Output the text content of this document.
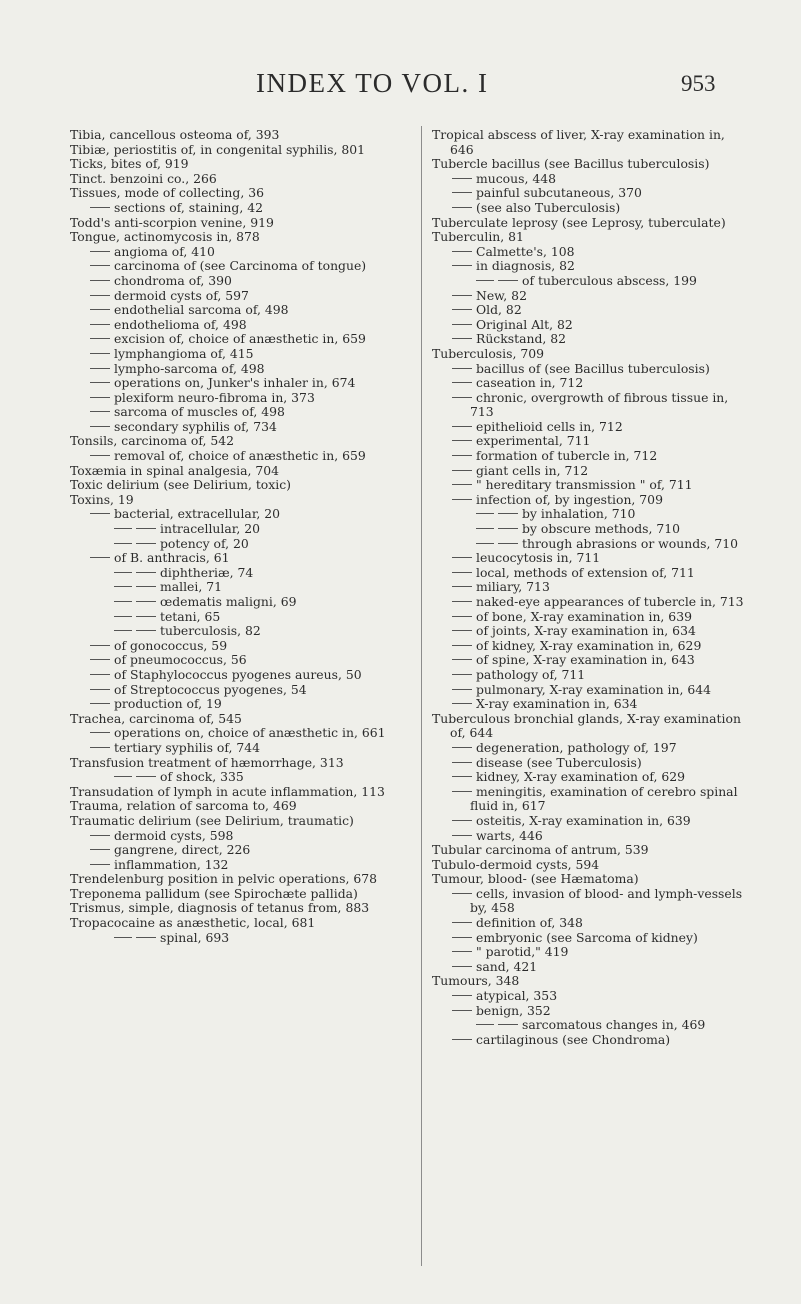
INDEX TO VOL. I	953
Tibia, cancellous osteoma of, 393
Tibiæ, periostitis of, in congenital syphilis, 801
Ticks, bites of, 919
Tinct. benzoini co., 266
Tissues, mode of collecting, 36
sections of, staining, 42
Todd's anti-scorpion venine, 919
Tongue, actinomycosis in, 878
angioma of, 410
carcinoma of (see Carcinoma of tongue)
chondroma of, 390
dermoid cysts of, 597
endothelial sarcoma of, 498
endothelioma of, 498
excision of, choice of anæsthetic in, 659
lymphangioma of, 415
lympho-sarcoma of, 498
operations on, Junker's inhaler in, 674
plexiform neuro-fibroma in, 373
sarcoma of muscles of, 498
secondary syphilis of, 734
Tonsils, carcinoma of, 542
removal of, choice of anæsthetic in, 659
Toxæmia in spinal analgesia, 704
Toxic delirium (see Delirium, toxic)
Toxins, 19
bacterial, extracellular, 20
intracellular, 20
potency of, 20
of B. anthracis, 61
diphtheriæ, 74
mallei, 71
œdematis maligni, 69
tetani, 65
tuberculosis, 82
of gonococcus, 59
of pneumococcus, 56
of Staphylococcus pyogenes aureus, 50
of Streptococcus pyogenes, 54
production of, 19
Trachea, carcinoma of, 545
operations on, choice of anæsthetic in, 661
tertiary syphilis of, 744
Transfusion treatment of hæmorrhage, 313
of shock, 335
Transudation of lymph in acute inflammation, 113
Trauma, relation of sarcoma to, 469
Traumatic delirium (see Delirium, traumatic)
dermoid cysts, 598
gangrene, direct, 226
inflammation, 132
Trendelenburg position in pelvic operations, 678
Treponema pallidum (see Spirochæte pallida)
Trismus, simple, diagnosis of tetanus from, 883
Tropacocaine as anæsthetic, local, 681
spinal, 693
Tropical abscess of liver, X-ray examination in, 646
Tubercle bacillus (see Bacillus tuberculosis)
mucous, 448
painful subcutaneous, 370
(see also Tuberculosis)
Tuberculate leprosy (see Leprosy, tuberculate)
Tuberculin, 81
Calmette's, 108
in diagnosis, 82
of tuberculous abscess, 199
New, 82
Old, 82
Original Alt, 82
Rückstand, 82
Tuberculosis, 709
bacillus of (see Bacillus tuberculosis)
caseation in, 712
chronic, overgrowth of fibrous tissue in, 713
epithelioid cells in, 712
experimental, 711
formation of tubercle in, 712
giant cells in, 712
" hereditary transmission " of, 711
infection of, by ingestion, 709
by inhalation, 710
by obscure methods, 710
through abrasions or wounds, 710
leucocytosis in, 711
local, methods of extension of, 711
miliary, 713
naked-eye appearances of tubercle in, 713
of bone, X-ray examination in, 639
of joints, X-ray examination in, 634
of kidney, X-ray examination in, 629
of spine, X-ray examination in, 643
pathology of, 711
pulmonary, X-ray examination in, 644
X-ray examination in, 634
Tuberculous bronchial glands, X-ray examination of, 644
degeneration, pathology of, 197
disease (see Tuberculosis)
kidney, X-ray examination of, 629
meningitis, examination of cerebro spinal fluid in, 617
osteitis, X-ray examination in, 639
warts, 446
Tubular carcinoma of antrum, 539
Tubulo-dermoid cysts, 594
Tumour, blood- (see Hæmatoma)
cells, invasion of blood- and lymph-vessels by, 458
definition of, 348
embryonic (see Sarcoma of kidney)
" parotid," 419
sand, 421
Tumours, 348
atypical, 353
benign, 352
sarcomatous changes in, 469
cartilaginous (see Chondroma)
